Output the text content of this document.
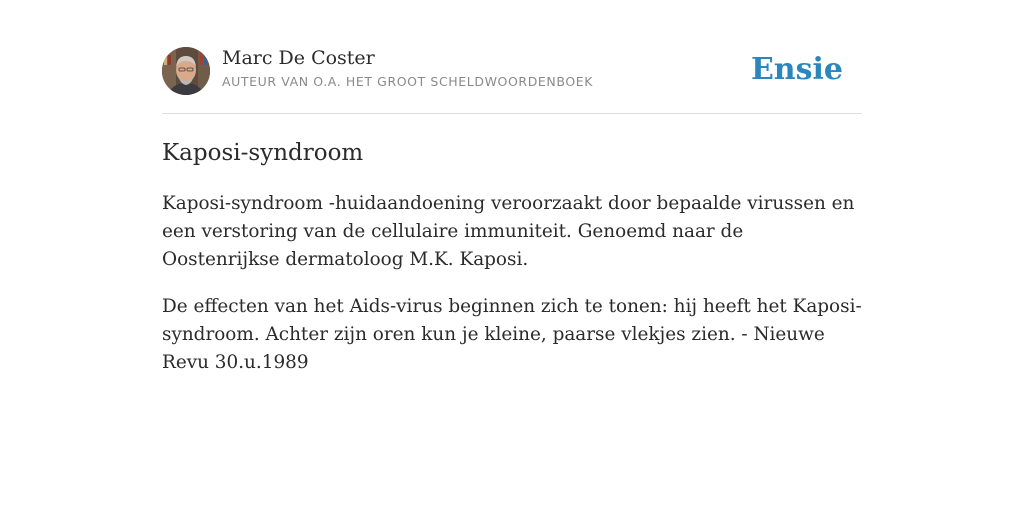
Marc De Coster
AUTEUR VAN O.A. HET GROOT SCHELDWOORDENBOEK	Ensie
Kaposi-syndroom

Kaposi-syndroom -huidaandoening veroorzaakt door bepaalde virussen en een verstoring van de cellulaire immuniteit. Genoemd naar de Oostenrijkse dermatoloog M.K. Kaposi.

De effecten van het Aids-virus beginnen zich te tonen: hij heeft het Kaposi-syndroom. Achter zijn oren kun je kleine, paarse vlekjes zien. - Nieuwe Revu 30.u.1989
